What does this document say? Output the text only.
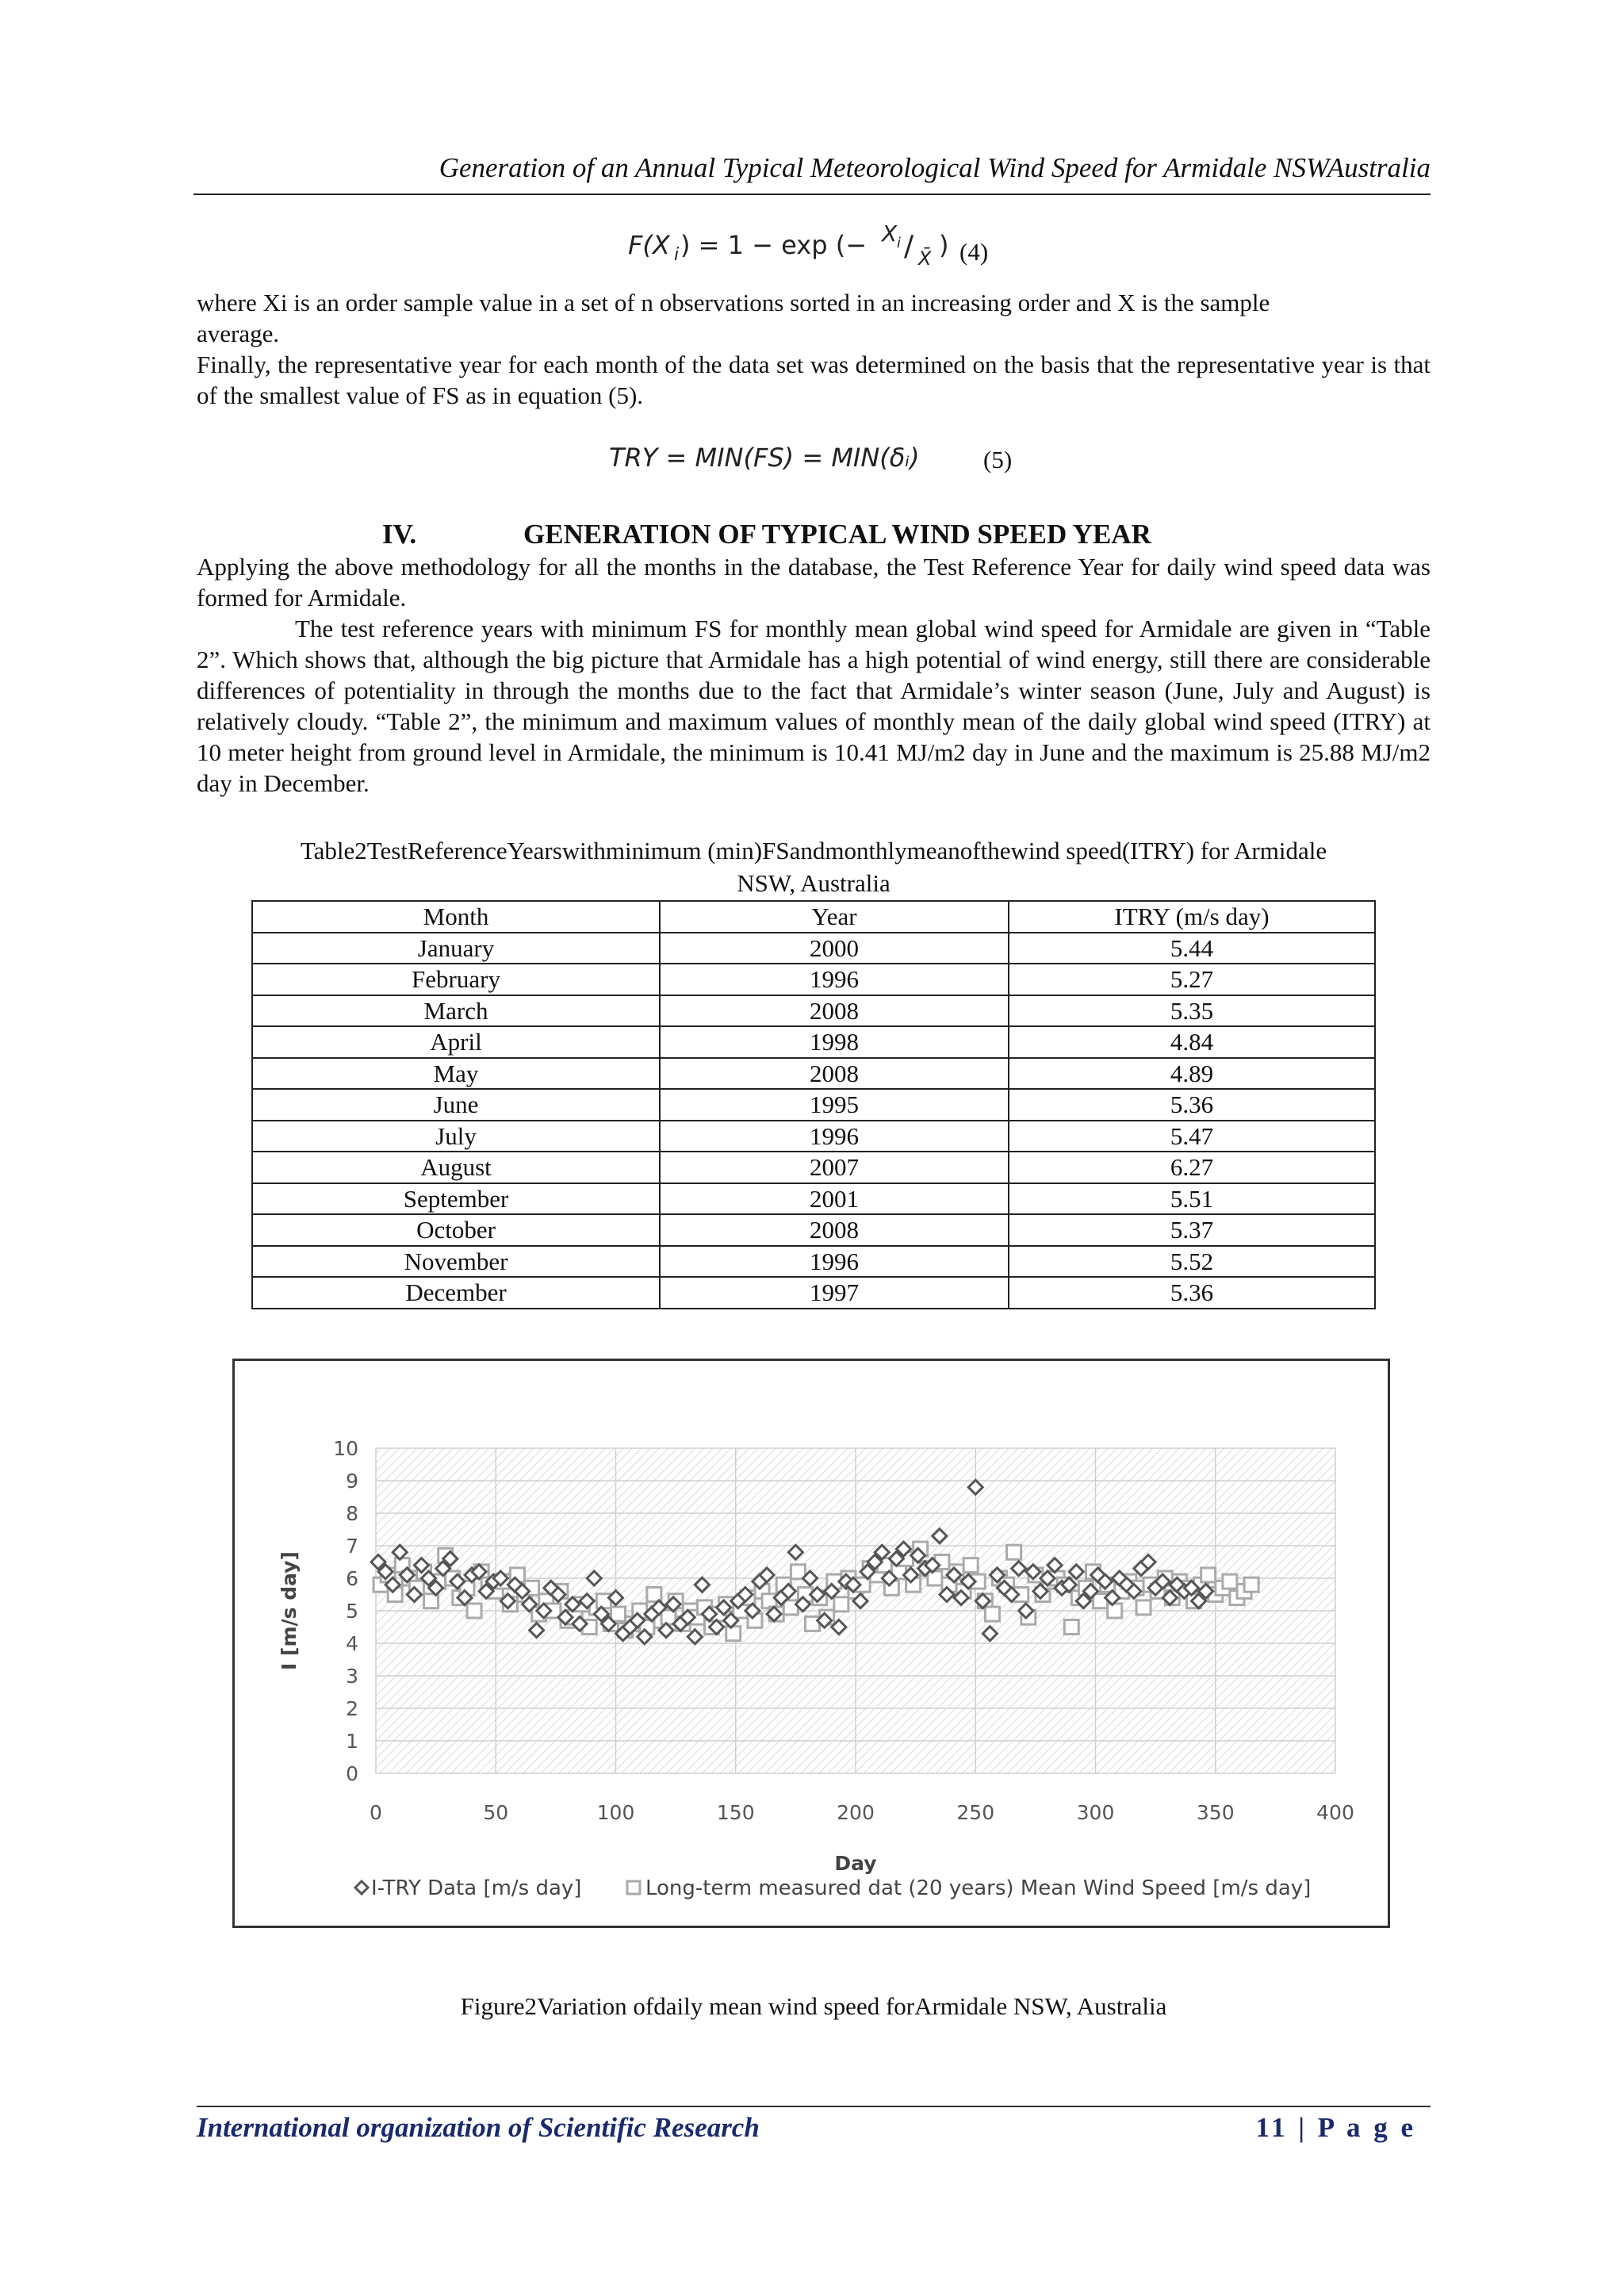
Generation of an Annual Typical Meteorological Wind Speed for Armidale NSWAustralia
F(X i ) = 1 − exp (− X i / X̄ ) (4)

where Xi is an order sample value in a set of n observations sorted in an increasing order and X is the sample

average.

Finally, the representative year for each month of the data set was determined on the basis that the representative year is that of the smallest value of FS as in equation (5).

TRY = MIN(FS) = MIN(δᵢ)	(5)
IV.	GENERATION OF TYPICAL WIND SPEED YEAR

Applying the above methodology for all the months in the database, the Test Reference Year for daily wind speed data was formed for Armidale.

The test reference years with minimum FS for monthly mean global wind speed for Armidale are given in “Table 2”. Which shows that, although the big picture that Armidale has a high potential of wind energy, still there are considerable differences of potentiality in through the months due to the fact that Armidale’s winter season (June, July and August) is relatively cloudy. “Table 2”, the minimum and maximum values of monthly mean of the daily global wind speed (ITRY) at 10 meter height from ground level in Armidale, the minimum is 10.41 MJ/m2 day in June and the maximum is 25.88 MJ/m2 day in December.

Table2TestReferenceYearswithminimum (min)FSandmonthlymeanofthewind speed(ITRY) for Armidale
NSW, Australia
Month	Year	ITRY (m/s day)
January	2000	5.44
February	1996	5.27
March	2008	5.35
April	1998	4.84
May	2008	4.89
June	1995	5.36
July	1996	5.47
August	2007	6.27
September	2001	5.51
October	2008	5.37
November	1996	5.52
December	1997	5.36
0
1
2
3
4
5
6
7
8
9
10
0	50	100	150	200	250	300	350	400
I [m/s day]
Day
I-TRY Data [m/s day]	Long-term measured dat (20 years) Mean Wind Speed [m/s day]
Figure2Variation ofdaily mean wind speed forArmidale NSW, Australia
International organization of Scientific Research	11 | P a g e
